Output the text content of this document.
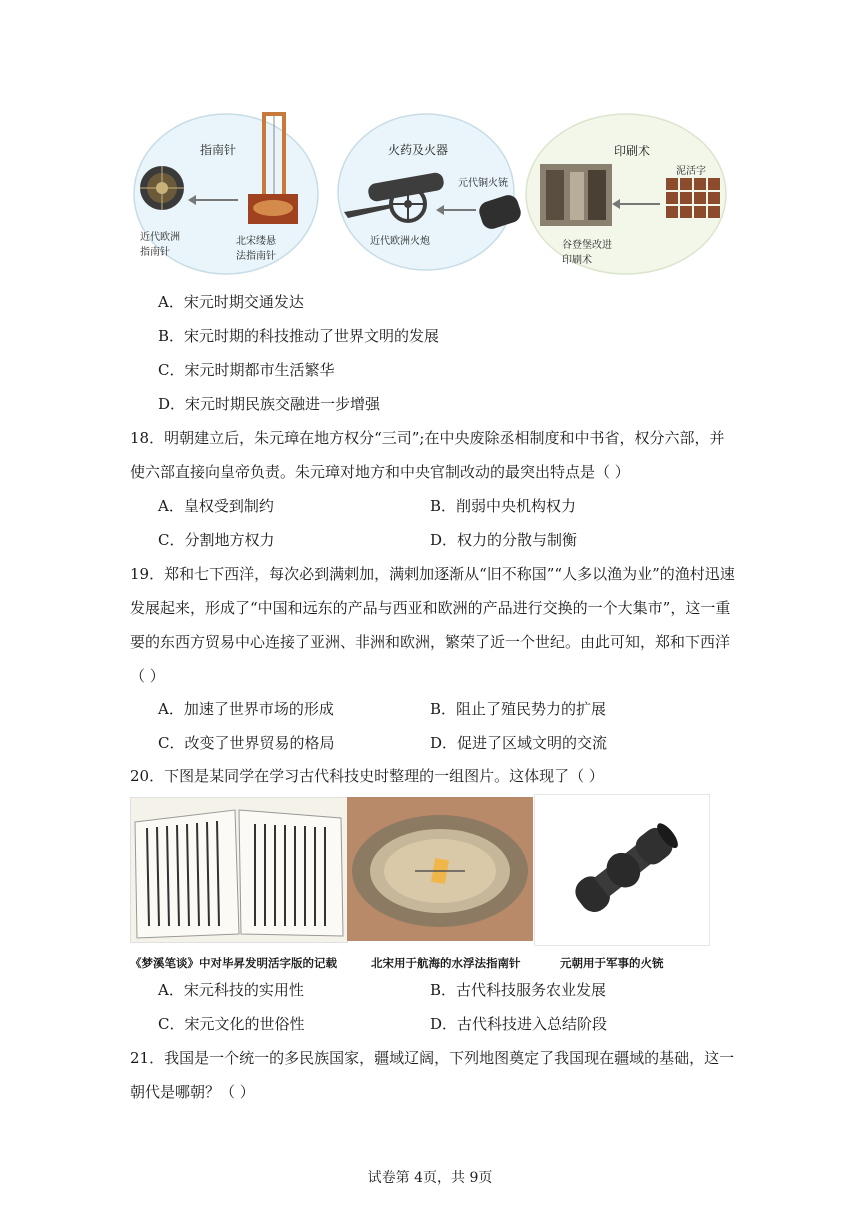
指南针
近代欧洲
指南针
北宋缕悬
法指南针
火药及火器
元代铜火铳
近代欧洲火炮
印刷术
泥活字
谷登堡改进
印刷术
A．宋元时期交通发达
B．宋元时期的科技推动了世界文明的发展
C．宋元时期都市生活繁华
D．宋元时期民族交融进一步增强
18．明朝建立后，朱元璋在地方权分“三司”;在中央废除丞相制度和中书省，权分六部，并
使六部直接向皇帝负责。朱元璋对地方和中央官制改动的最突出特点是（ ）
A．皇权受到制约	B．削弱中央机构权力
C．分割地方权力	D．权力的分散与制衡
19．郑和七下西洋，每次必到满剌加，满剌加逐渐从“旧不称国”“人多以渔为业”的渔村迅速
发展起来，形成了“中国和远东的产品与西亚和欧洲的产品进行交换的一个大集市”，这一重
要的东西方贸易中心连接了亚洲、非洲和欧洲，繁荣了近一个世纪。由此可知，郑和下西洋
（ ）
A．加速了世界市场的形成	B．阻止了殖民势力的扩展
C．改变了世界贸易的格局	D．促进了区域文明的交流
20．下图是某同学在学习古代科技史时整理的一组图片。这体现了（ ）
《梦溪笔谈》中对毕昇发明活字版的记载	北宋用于航海的水浮法指南针	元朝用于军事的火铳
A．宋元科技的实用性	B．古代科技服务农业发展
C．宋元文化的世俗性	D．古代科技进入总结阶段
21．我国是一个统一的多民族国家，疆域辽阔，下列地图奠定了我国现在疆域的基础，这一
朝代是哪朝？（ ）
试卷第 4页，共 9页
